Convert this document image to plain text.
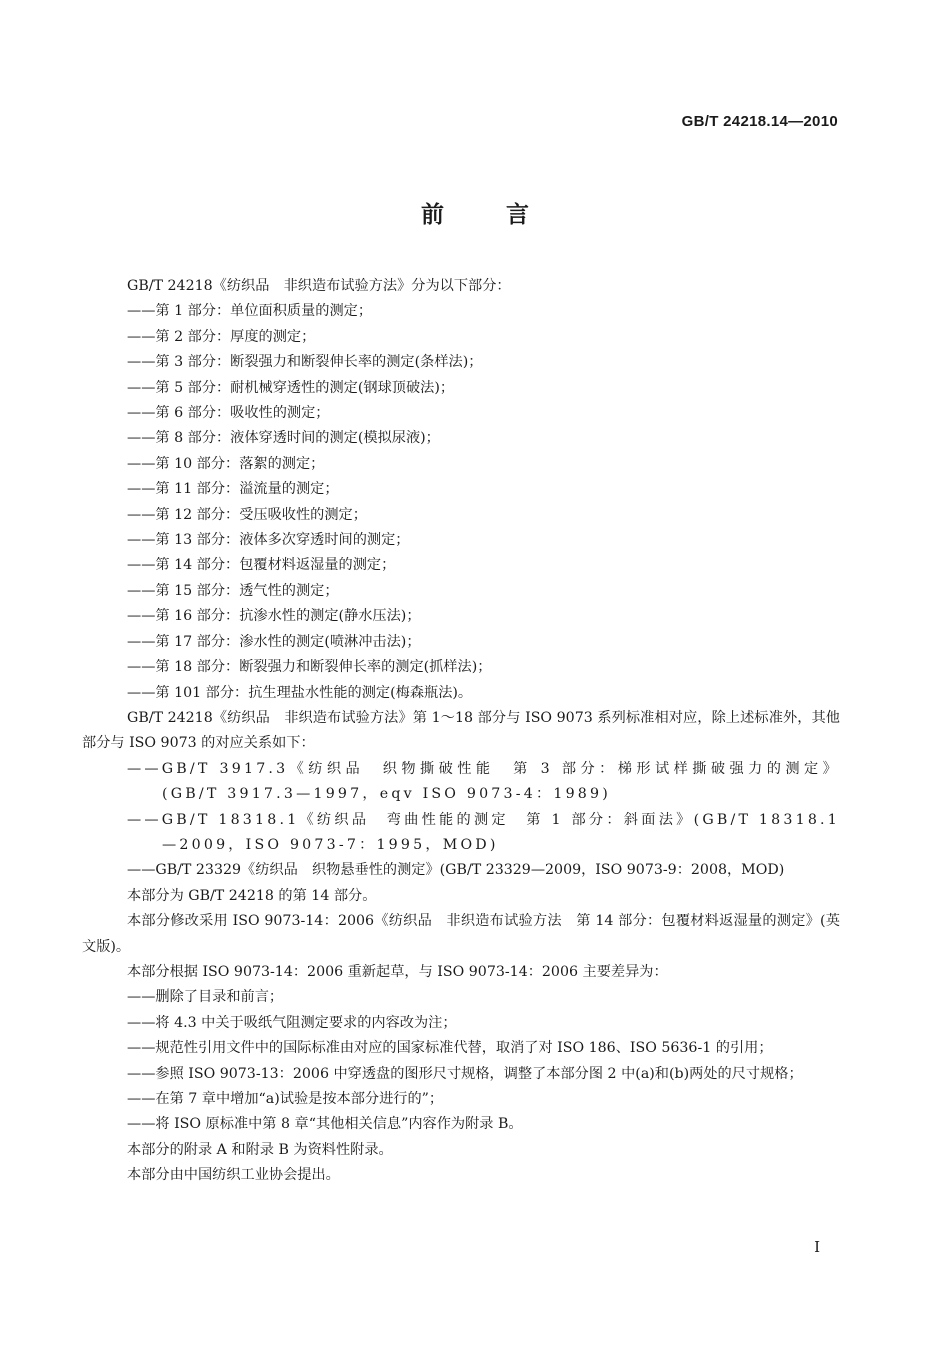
GB/T 24218.14—2010
前言
GB/T 24218《纺织品　非织造布试验方法》分为以下部分：
——第 1 部分：单位面积质量的测定；
——第 2 部分：厚度的测定；
——第 3 部分：断裂强力和断裂伸长率的测定(条样法)；
——第 5 部分：耐机械穿透性的测定(钢球顶破法)；
——第 6 部分：吸收性的测定；
——第 8 部分：液体穿透时间的测定(模拟尿液)；
——第 10 部分：落絮的测定；
——第 11 部分：溢流量的测定；
——第 12 部分：受压吸收性的测定；
——第 13 部分：液体多次穿透时间的测定；
——第 14 部分：包覆材料返湿量的测定；
——第 15 部分：透气性的测定；
——第 16 部分：抗渗水性的测定(静水压法)；
——第 17 部分：渗水性的测定(喷淋冲击法)；
——第 18 部分：断裂强力和断裂伸长率的测定(抓样法)；
——第 101 部分：抗生理盐水性能的测定(梅森瓶法)。
GB/T 24218《纺织品　非织造布试验方法》第 1～18 部分与 ISO 9073 系列标准相对应，除上述标准外，其他部分与 ISO 9073 的对应关系如下：
——GB/T 3917.3《纺织品　织物撕破性能　第 3 部分：梯形试样撕破强力的测定》(GB/T 3917.3—1997，eqv ISO 9073-4：1989)
——GB/T 18318.1《纺织品　弯曲性能的测定　第 1 部分：斜面法》(GB/T 18318.1—2009，ISO 9073-7：1995，MOD)
——GB/T 23329《纺织品　织物悬垂性的测定》(GB/T 23329—2009，ISO 9073-9：2008，MOD)
本部分为 GB/T 24218 的第 14 部分。
本部分修改采用 ISO 9073-14：2006《纺织品　非织造布试验方法　第 14 部分：包覆材料返湿量的测定》(英文版)。
本部分根据 ISO 9073-14：2006 重新起草，与 ISO 9073-14：2006 主要差异为：
——删除了目录和前言；
——将 4.3 中关于吸纸气阻测定要求的内容改为注；
——规范性引用文件中的国际标准由对应的国家标准代替，取消了对 ISO 186、ISO 5636-1 的引用；
——参照 ISO 9073-13：2006 中穿透盘的图形尺寸规格，调整了本部分图 2 中(a)和(b)两处的尺寸规格；
——在第 7 章中增加“a)试验是按本部分进行的”；
——将 ISO 原标准中第 8 章“其他相关信息”内容作为附录 B。
本部分的附录 A 和附录 B 为资料性附录。
本部分由中国纺织工业协会提出。
I
